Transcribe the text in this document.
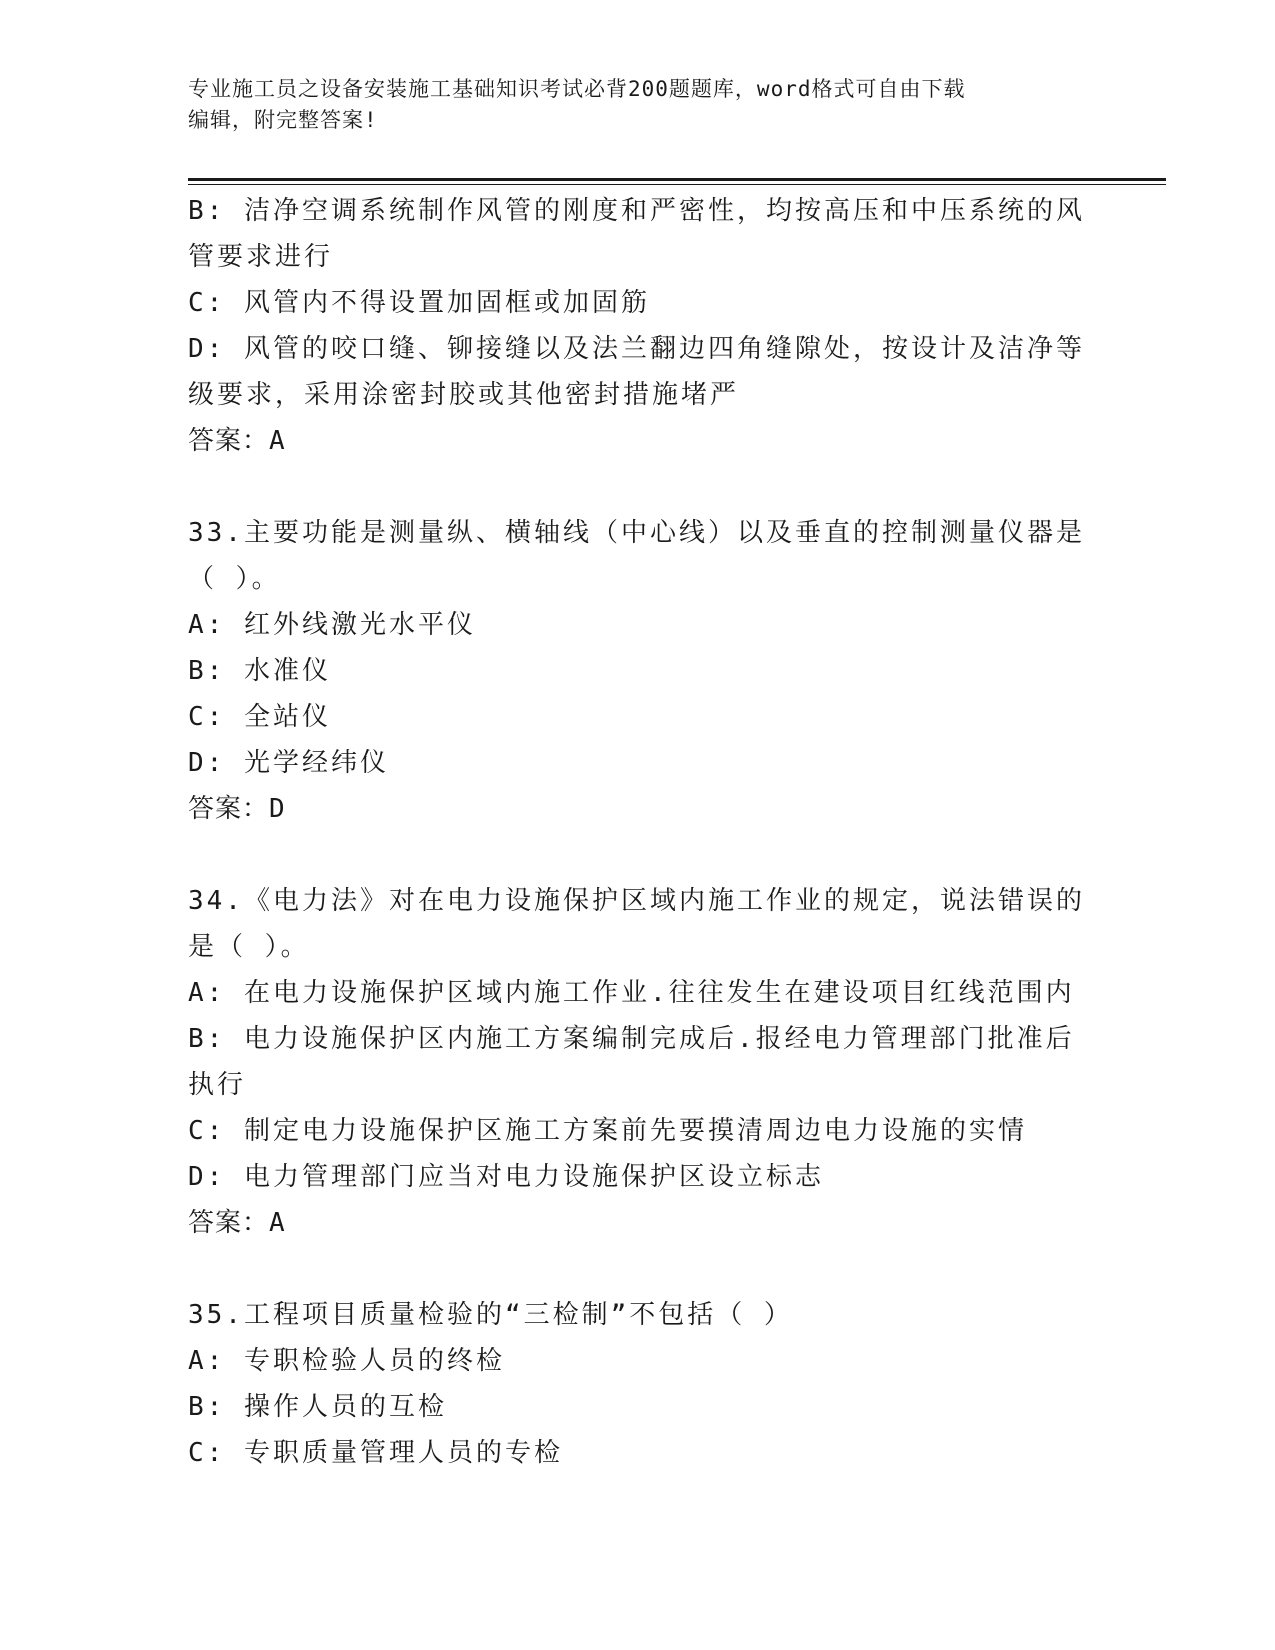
专业施工员之设备安装施工基础知识考试必背200题题库，word格式可自由下载
编辑，附完整答案!
B: 洁净空调系统制作风管的刚度和严密性，均按高压和中压系统的风
管要求进行
C: 风管内不得设置加固框或加固筋
D: 风管的咬口缝、铆接缝以及法兰翻边四角缝隙处，按设计及洁净等
级要求，采用涂密封胶或其他密封措施堵严
答案：A
33.主要功能是测量纵、横轴线（中心线）以及垂直的控制测量仪器是
（ ）。
A: 红外线激光水平仪
B: 水准仪
C: 全站仪
D: 光学经纬仪
答案：D
34.《电力法》对在电力设施保护区域内施工作业的规定，说法错误的
是（ ）。
A: 在电力设施保护区域内施工作业.往往发生在建设项目红线范围内
B: 电力设施保护区内施工方案编制完成后.报经电力管理部门批准后
执行
C: 制定电力设施保护区施工方案前先要摸清周边电力设施的实情
D: 电力管理部门应当对电力设施保护区设立标志
答案：A
35.工程项目质量检验的“三检制”不包括（ ）
A: 专职检验人员的终检
B: 操作人员的互检
C: 专职质量管理人员的专检
